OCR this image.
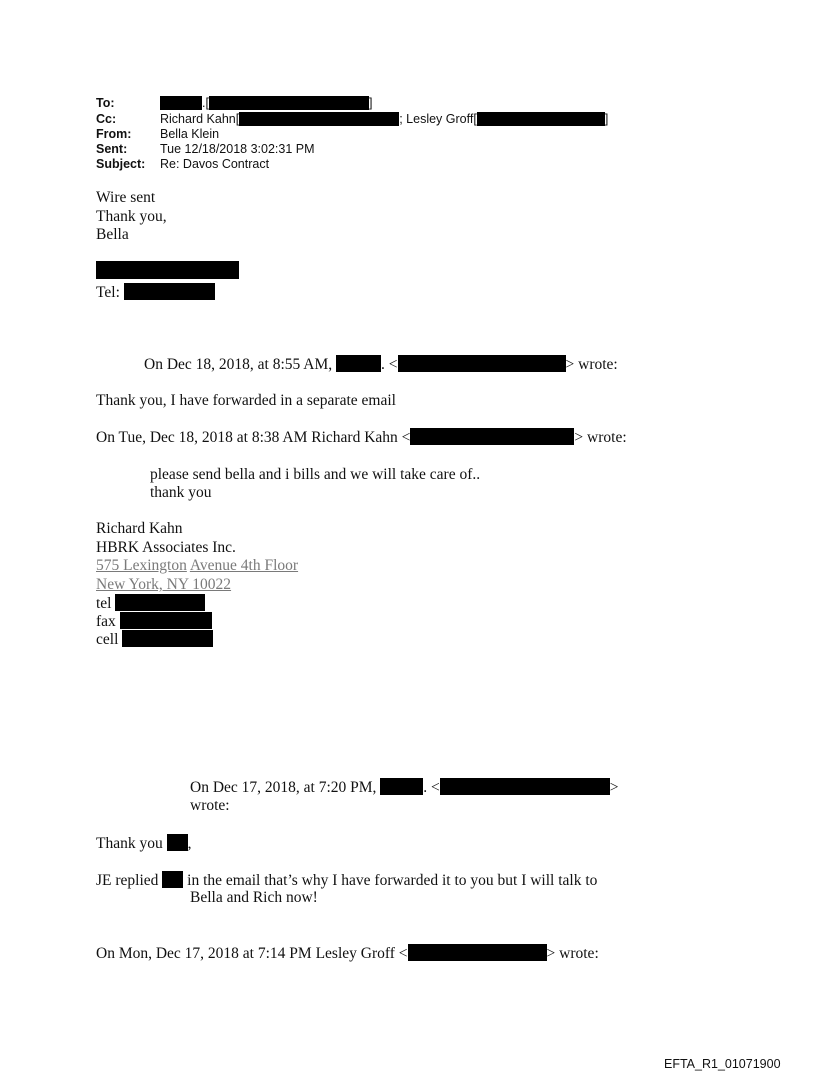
To:	.[	]
Cc:	Richard Kahn[	; Lesley Groff[	]
From: Bella Klein
Sent:	Tue 12/18/2018 3:02:31 PM
Subject: Re: Davos Contract
Wire sent
Thank you,
Bella
Tel:
On Dec 18, 2018, at 8:55 AM,	. <	> wrote:
Thank you, I have forwarded in a separate email
On Tue, Dec 18, 2018 at 8:38 AM Richard Kahn <	> wrote:
please send bella and i bills and we will take care of..
thank you
Richard Kahn
HBRK Associates Inc.
575 Lexington Avenue 4th Floor
New York, NY 10022
tel
fax
cell
On Dec 17, 2018, at 7:20 PM,	. <	>
wrote:
Thank you ,
JE replied in the email that’s why I have forwarded it to you but I will talk to
Bella and Rich now!
On Mon, Dec 17, 2018 at 7:14 PM Lesley Groff <	> wrote:
EFTA_R1_01071900
